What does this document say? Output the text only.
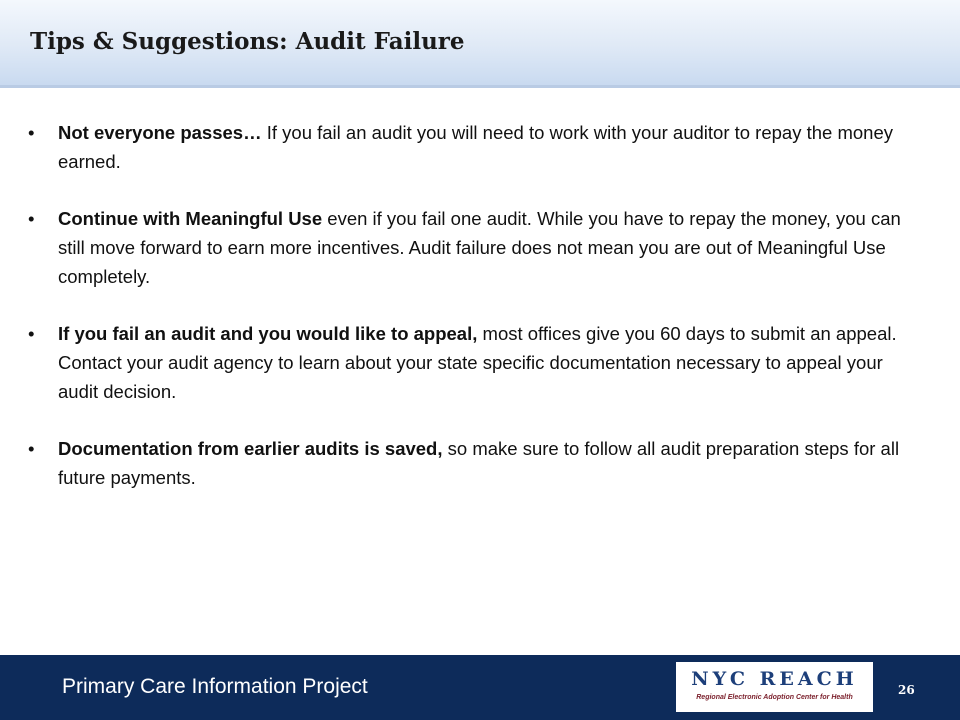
Tips & Suggestions: Audit Failure
• Not everyone passes… If you fail an audit you will need to work with your auditor to repay the money earned.
• Continue with Meaningful Use even if you fail one audit. While you have to repay the money, you can still move forward to earn more incentives. Audit failure does not mean you are out of Meaningful Use completely.
• If you fail an audit and you would like to appeal, most offices give you 60 days to submit an appeal. Contact your audit agency to learn about your state specific documentation necessary to appeal your audit decision.
• Documentation from earlier audits is saved, so make sure to follow all audit preparation steps for all future payments.
Primary Care Information Project	NYC REACH
Regional Electronic Adoption Center for Health
26
